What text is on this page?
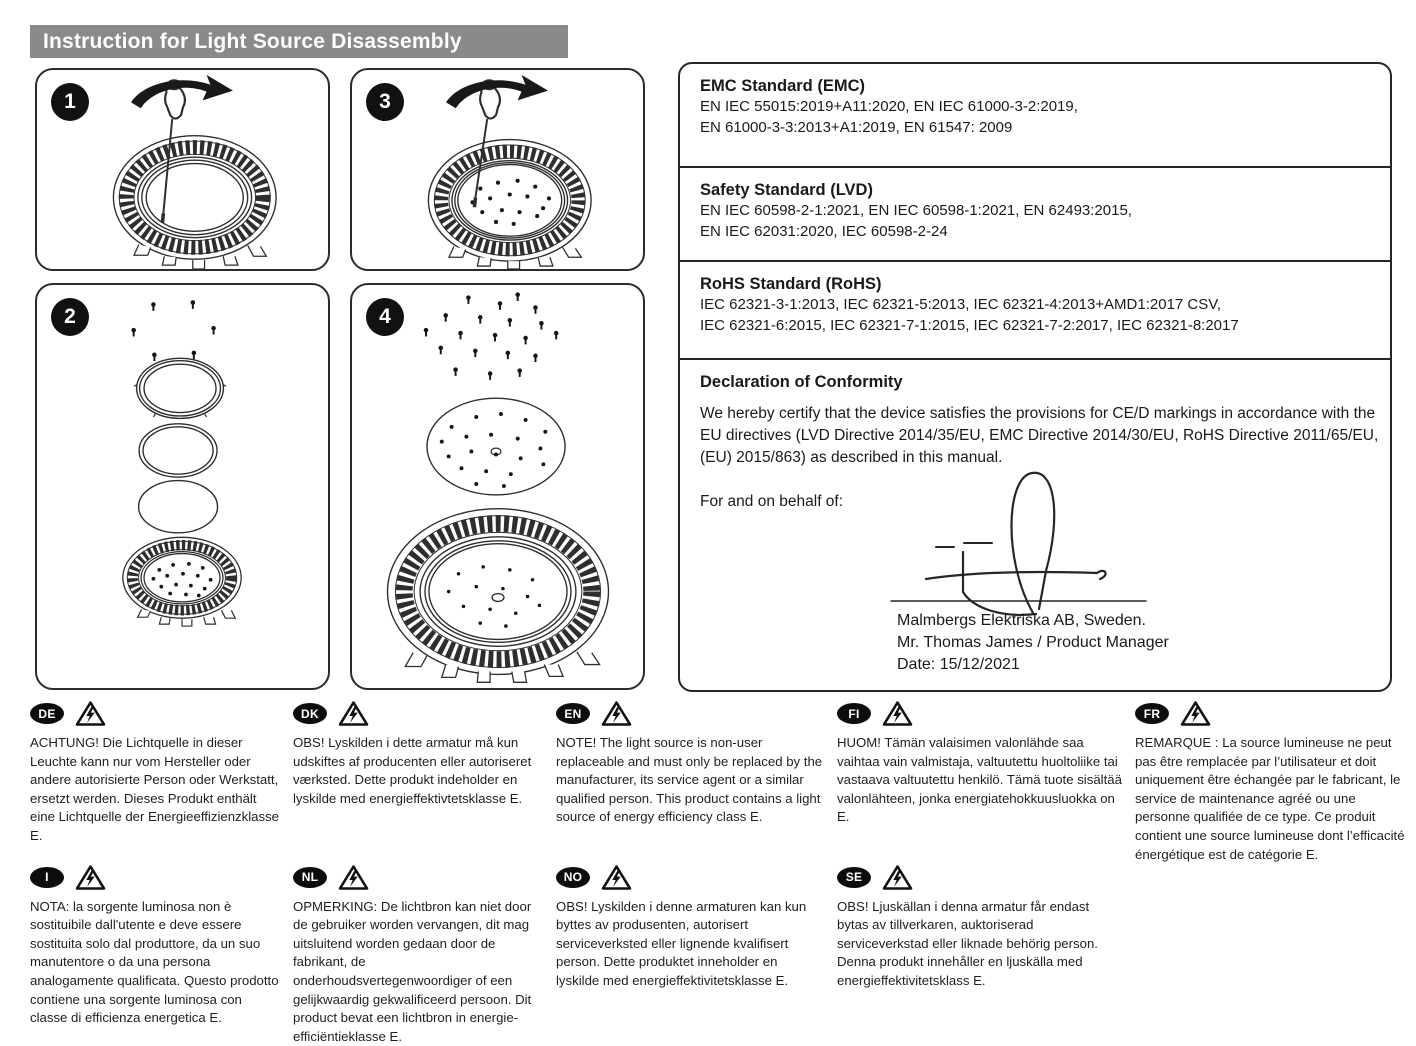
Instruction for Light Source Disassembly
1	3
2	4
EMC Standard (EMC)
EN IEC 55015:2019+A11:2020, EN IEC 61000-3-2:2019,
EN 61000-3-3:2013+A1:2019, EN 61547: 2009
Safety Standard (LVD)
EN IEC 60598-2-1:2021, EN IEC 60598-1:2021, EN 62493:2015,
EN IEC 62031:2020, IEC 60598-2-24
RoHS Standard (RoHS)
IEC 62321-3-1:2013, IEC 62321-5:2013, IEC 62321-4:2013+AMD1:2017 CSV,
IEC 62321-6:2015, IEC 62321-7-1:2015, IEC 62321-7-2:2017, IEC 62321-8:2017
Declaration of Conformity
We hereby certify that the device satisfies the provisions for CE/D markings in accordance with the EU directives (LVD Directive 2014/35/EU, EMC Directive 2014/30/EU, RoHS Directive 2011/65/EU, (EU) 2015/863) as described in this manual.
For and on behalf of:
Malmbergs Elektriska AB, Sweden.
Mr. Thomas James / Product Manager
Date: 15/12/2021
DE
ACHTUNG! Die Lichtquelle in dieser Leuchte kann nur vom Hersteller oder andere autorisierte Person oder Werkstatt, ersetzt werden. Dieses Produkt enthält eine Lichtquelle der Energieeffizienzklasse E.
DK
OBS! Lyskilden i dette armatur må kun udskiftes af producenten eller autoriseret værksted. Dette produkt indeholder en lyskilde med energieffektivtetsklasse E.
EN
NOTE! The light source is non-user replaceable and must only be replaced by the manufacturer, its service agent or a similar qualified person. This product contains a light source of energy efficiency class E.
FI
HUOM! Tämän valaisimen valonlähde saa vaihtaa vain valmistaja, valtuutettu huoltoliike tai vastaava valtuutettu henkilö. Tämä tuote sisältää valonlähteen, jonka energiatehokkuusluokka on E.
FR
REMARQUE : La source lumineuse ne peut pas être remplacée par l’utilisateur et doit uniquement être échangée par le fabricant, le service de maintenance agréé ou une personne qualifiée de ce type. Ce produit contient une source lumineuse dont l’efficacité énergétique est de catégorie E.
I
NOTA: la sorgente luminosa non è sostituibile dall'utente e deve essere sostituita solo dal produttore, da un suo manutentore o da una persona analogamente qualificata. Questo prodotto contiene una sorgente luminosa con classe di efficienza energetica E.
NL
OPMERKING: De lichtbron kan niet door de gebruiker worden vervangen, dit mag uitsluitend worden gedaan door de fabrikant, de onderhoudsvertegenwoordiger of een gelijkwaardig gekwalificeerd persoon. Dit product bevat een lichtbron in energie-efficiëntieklasse E.
NO
OBS! Lyskilden i denne armaturen kan kun byttes av produsenten, autorisert serviceverksted eller lignende kvalifisert person. Dette produktet inneholder en lyskilde med energieffektivitetsklasse E.
SE
OBS! Ljuskällan i denna armatur får endast bytas av tillverkaren, auktoriserad serviceverkstad eller liknade behörig person. Denna produkt innehåller en ljuskälla med energieffektivitetsklass E.
